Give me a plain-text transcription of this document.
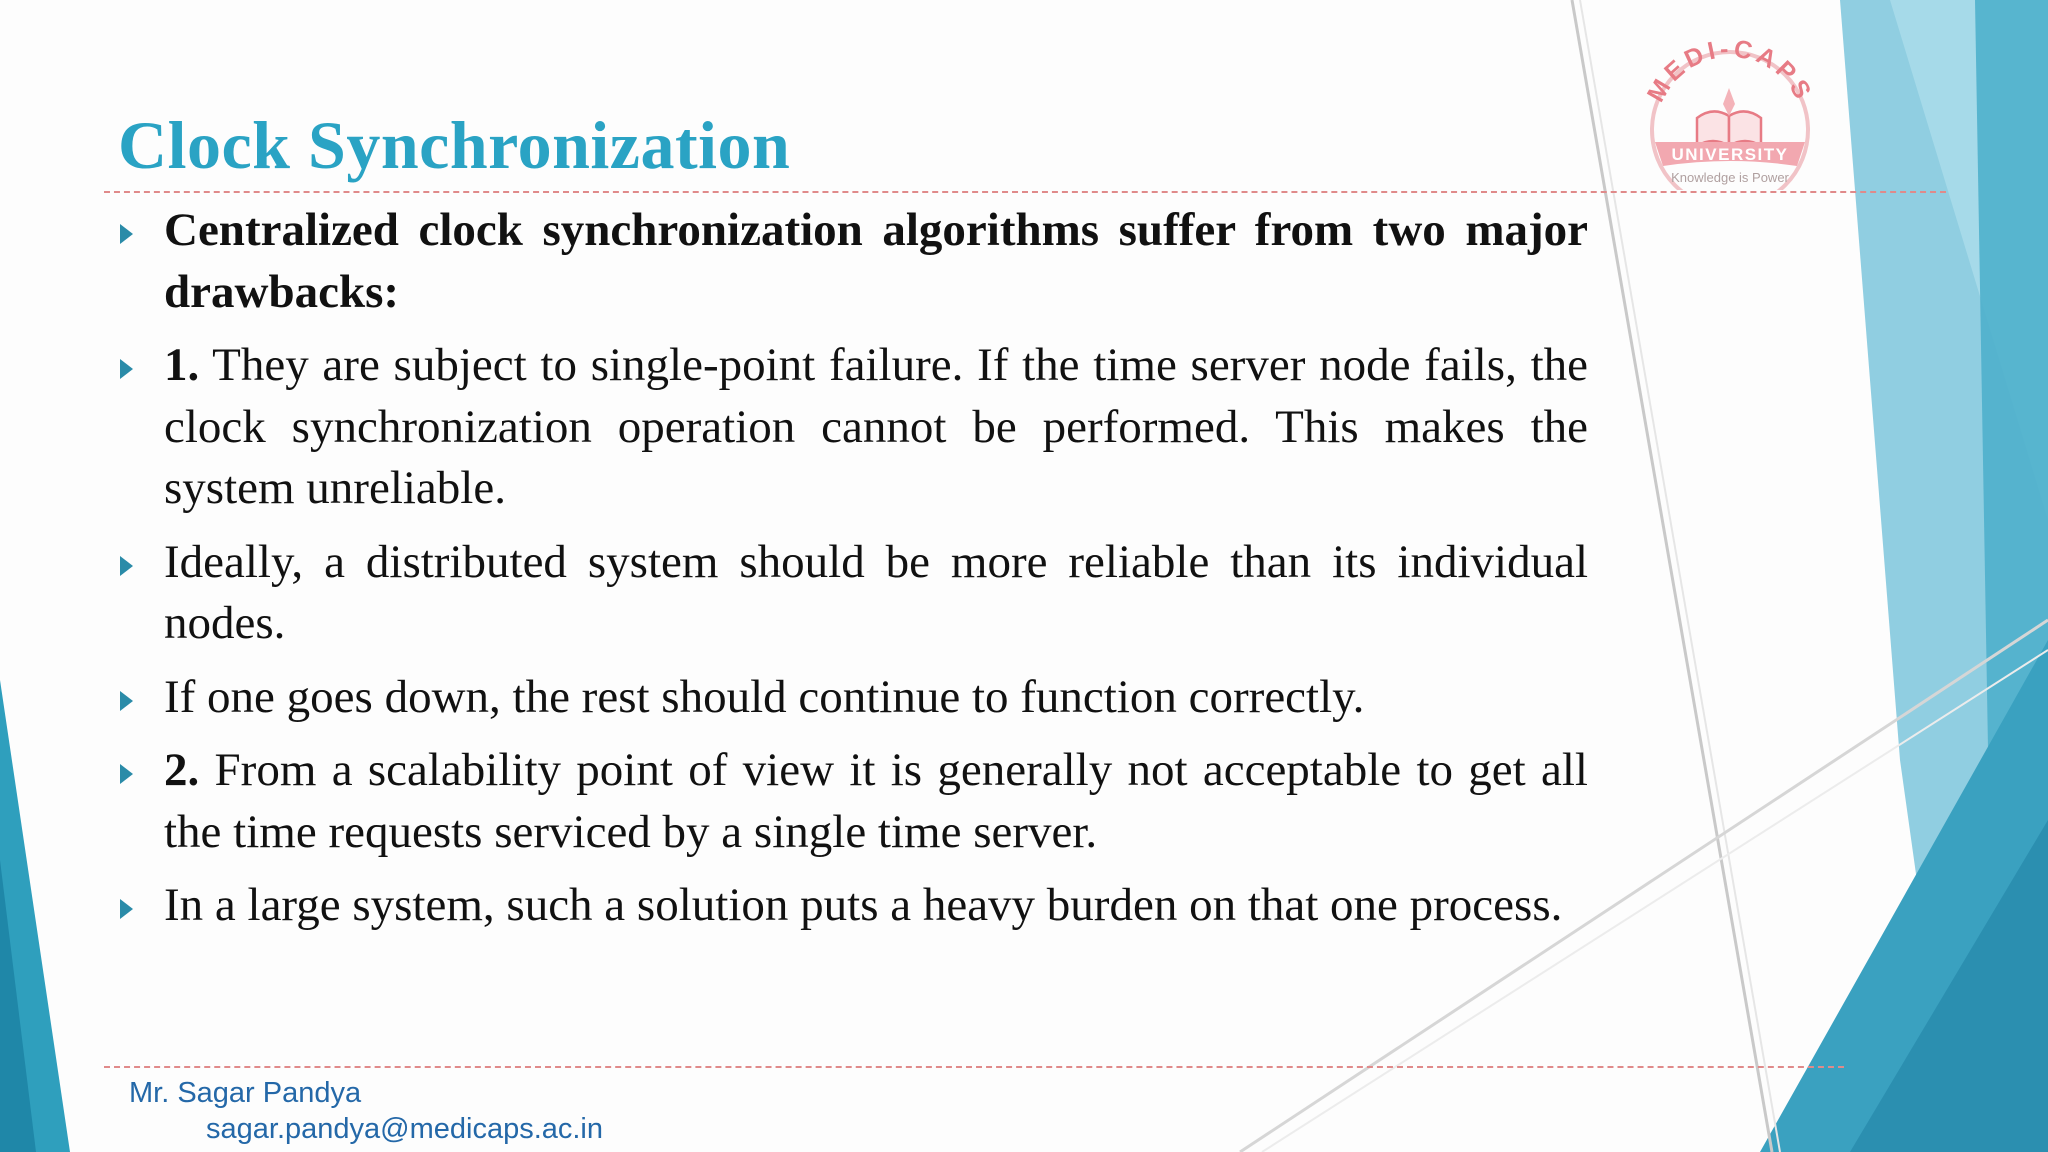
MEDI-CAPS
UNIVERSITY
Knowledge is Power
Clock Synchronization
Centralized clock synchronization algorithms suffer from two major drawbacks:
1. They are subject to single-point failure. If the time server node fails, the clock synchronization operation cannot be performed. This makes the system unreliable.
Ideally, a distributed system should be more reliable than its individual nodes.
If one goes down, the rest should continue to function correctly.
2. From a scalability point of view it is generally not acceptable to get all the time requests serviced by a single time server.
In a large system, such a solution puts a heavy burden on that one process.
Mr. Sagar Pandya
sagar.pandya@medicaps.ac.in
